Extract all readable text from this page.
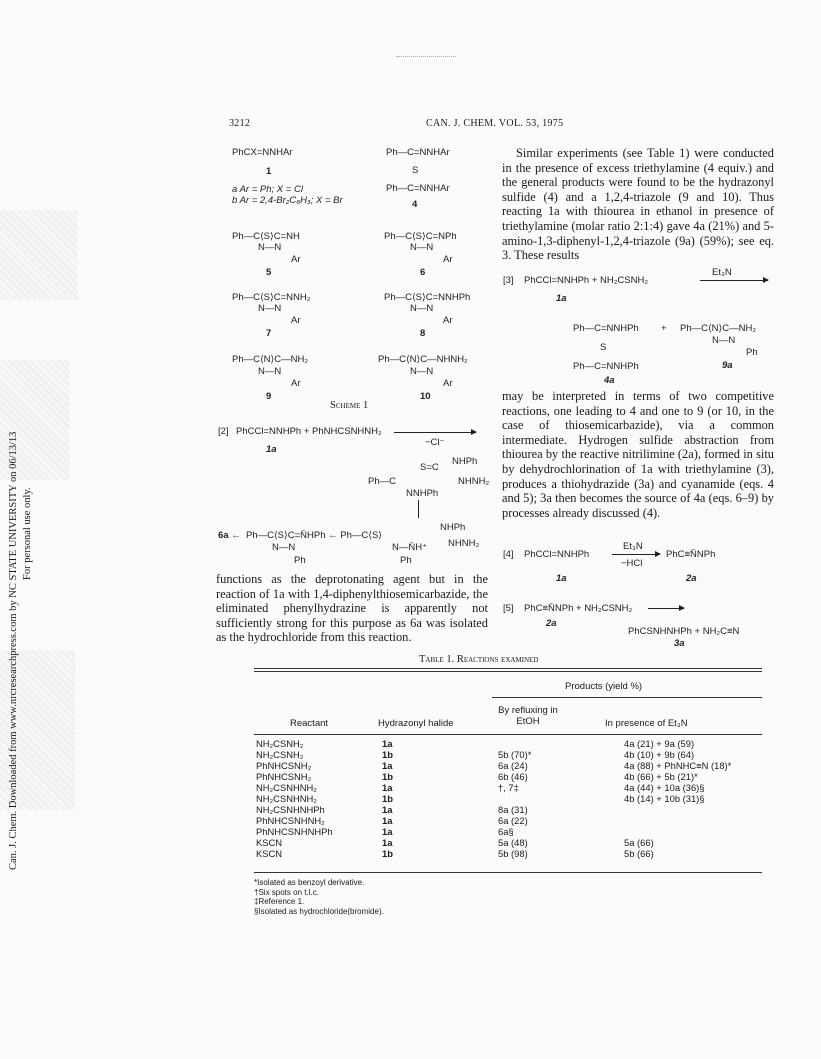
Can. J. Chem. Downloaded from www.nrcresearchpress.com by NC STATE UNIVERSITY on 06/13/13 For personal use only.
3212	CAN. J. CHEM. VOL. 53, 1975
PhCX=NNHAr
1
a Ar = Ph; X = Cl
b Ar = 2,4-Br₂C₆H₃; X = Br
Ph—C=NNHAr
S
Ph—C=NNHAr
4
Ph—C⟨S⟩C=NH
N—N
Ar
5
Ph—C⟨S⟩C=NPh
N—N
Ar
6
Ph—C⟨S⟩C=NNH₂
N—N
Ar
7
Ph—C⟨S⟩C=NNHPh
N—N
Ar
8
Ph—C⟨N⟩C—NH₂
N—N
Ar
9
Ph—C⟨N⟩C—NHNH₂
N—N
Ar
10
Scheme 1
[2] PhCCl=NNHPh + PhNHCSNHNH₂
−Cl⁻
1a
NHPh
S=C
NHNH₂
Ph—C
NNHPh
6a ← Ph—C⟨S⟩C=N̄HPh ← Ph—C⟨S⟩
NHPh
NHNH₂
N—N	N—N̄H⁺
Ph	Ph
functions as the deprotonating agent but in the reaction of 1a with 1,4-diphenylthiosemicarbazide, the eliminated phenylhydrazine is apparently not sufficiently strong for this purpose as 6a was isolated as the hydrochloride from this reaction.
Similar experiments (see Table 1) were conducted in the presence of excess triethylamine (4 equiv.) and the general products were found to be the hydrazonyl sulfide (4) and a 1,2,4-triazole (9 and 10). Thus reacting 1a with thiourea in ethanol in presence of triethylamine (molar ratio 2:1:4) gave 4a (21%) and 5-amino-1,3-diphenyl-1,2,4-triazole (9a) (59%); see eq. 3. These results
[3] PhCCl=NNHPh + NH₂CSNH₂
Et₃N
1a
Ph—C=NNHPh
S
Ph—C=NNHPh
+ Ph—C⟨N⟩C—NH₂
N—N
Ph
4a
9a
may be interpreted in terms of two competitive reactions, one leading to 4 and one to 9 (or 10, in the case of thiosemicarbazide), via a common intermediate. Hydrogen sulfide abstraction from thiourea by the reactive nitrilimine (2a), formed in situ by dehydrochlorination of 1a with triethylamine (3), produces a thiohydrazide (3a) and cyanamide (eqs. 4 and 5); 3a then becomes the source of 4a (eqs. 6–9) by processes already discussed (4).
[4] PhCCl=NNHPh
Et₃N
−HCl
PhC≡N̄NPh
1a	2a
[5] PhC≡N̄NPh + NH₂CSNH₂
2a
PhCSNHNHPh + NH₂C≡N
3a
Table 1. Reactions examined
Products (yield %)
Reactant	Hydrazonyl halide
By refluxing in EtOH	In presence of Et₃N
NH₂CSNH₂	1a		4a (21) + 9a (59)
NH₂CSNH₂	1b	5b (70)*	4b (10) + 9b (64)
PhNHCSNH₂	1a	6a (24)	4a (88) + PhNHC≡N (18)*
PhNHCSNH₂	1b	6b (46)	4b (66) + 5b (21)*
NH₂CSNHNH₂	1a	†, 7‡	4a (44) + 10a (36)§
NH₂CSNHNH₂	1b		4b (14) + 10b (31)§
NH₂CSNHNHPh	1a	8a (31)	
PhNHCSNHNH₂	1a	6a (22)	
PhNHCSNHNHPh	1a	6a§	
KSCN	1a	5a (48)	5a (66)
KSCN	1b	5b (98)	5b (66)
*Isolated as benzoyl derivative.
†Six spots on t.l.c.
‡Reference 1.
§Isolated as hydrochloride(bromide).
